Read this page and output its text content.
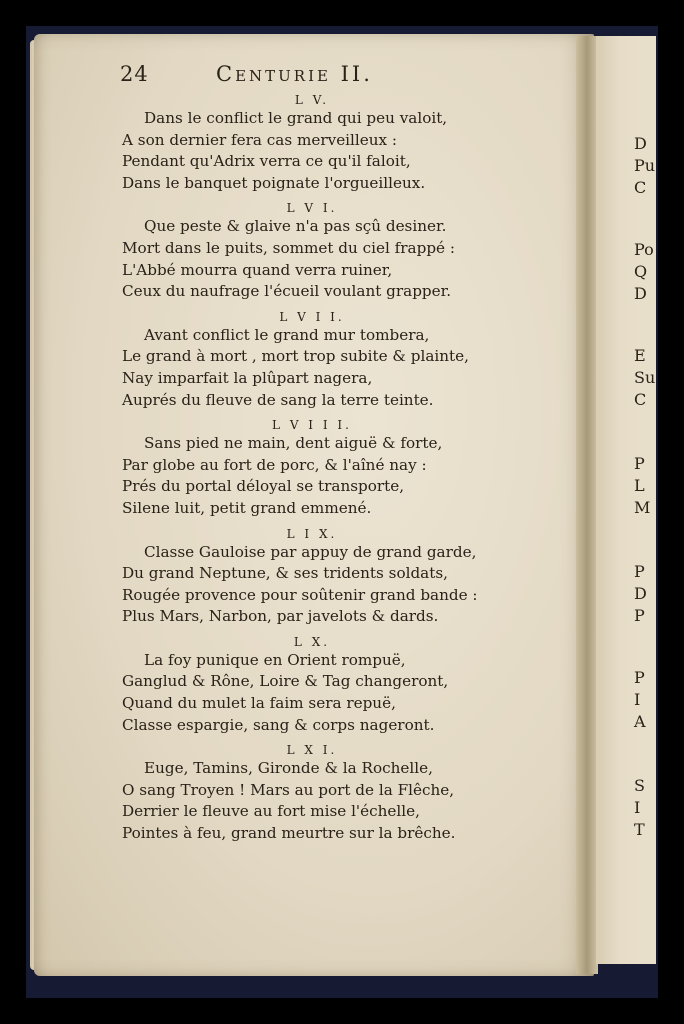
24	Centurie II.
L V.
Dans le conflict le grand qui peu valoit,
A son dernier fera cas merveilleux :
Pendant qu'Adrix verra ce qu'il faloit,
Dans le banquet poignate l'orgueilleux.
L V I.
Que peste & glaive n'a pas sçû desiner.
Mort dans le puits, sommet du ciel frappé :
L'Abbé mourra quand verra ruiner,
Ceux du naufrage l'écueil voulant grapper.
L V I I.
Avant conflict le grand mur tombera,
Le grand à mort , mort trop subite & plainte,
Nay imparfait la plûpart nagera,
Auprés du fleuve de sang la terre teinte.
L V I I I.
Sans pied ne main, dent aiguë & forte,
Par globe au fort de porc, & l'aîné nay :
Prés du portal déloyal se transporte,
Silene luit, petit grand emmené.
L I X.
Classe Gauloise par appuy de grand garde,
Du grand Neptune, & ses tridents soldats,
Rougée provence pour soûtenir grand bande :
Plus Mars, Narbon, par javelots & dards.
L X.
La foy punique en Orient rompuë,
Ganglud & Rône, Loire & Tag changeront,
Quand du mulet la faim sera repuë,
Classe espargie, sang & corps nageront.
L X I.
Euge, Tamins, Gironde & la Rochelle,
O sang Troyen ! Mars au port de la Flêche,
Derrier le fleuve au fort mise l'échelle,
Pointes à feu, grand meurtre sur la brêche.
D
Pu
C
Po
Q
D
E
Su
C
P
L
M
P
D
P
P
I
A
S
I
T
